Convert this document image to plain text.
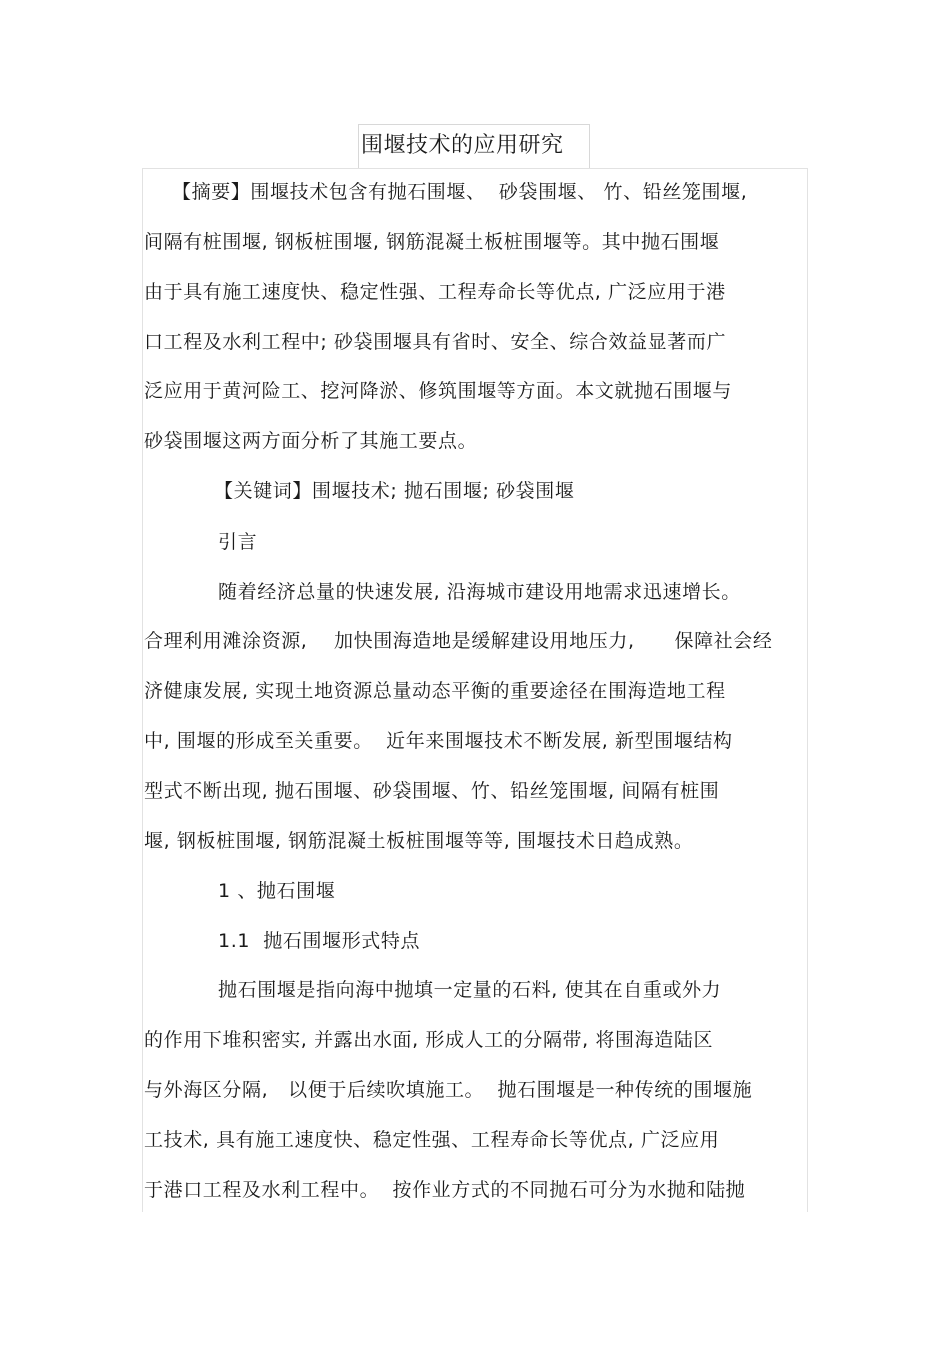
围堰技术的应用研究
【摘要】围堰技术包含有抛石围堰、  砂袋围堰、 竹、铅丝笼围堰,
间隔有桩围堰, 钢板桩围堰, 钢筋混凝土板桩围堰等。其中抛石围堰
由于具有施工速度快、稳定性强、工程寿命长等优点, 广泛应用于港
口工程及水利工程中; 砂袋围堰具有省时、安全、综合效益显著而广
泛应用于黄河险工、挖河降淤、修筑围堰等方面。本文就抛石围堰与
砂袋围堰这两方面分析了其施工要点。
【关键词】围堰技术; 抛石围堰; 砂袋围堰
引言
随着经济总量的快速发展, 沿海城市建设用地需求迅速增长。
合理利用滩涂资源,    加快围海造地是缓解建设用地压力,      保障社会经
济健康发展, 实现土地资源总量动态平衡的重要途径在围海造地工程
中, 围堰的形成至关重要。  近年来围堰技术不断发展, 新型围堰结构
型式不断出现, 抛石围堰、砂袋围堰、竹、铅丝笼围堰, 间隔有桩围
堰, 钢板桩围堰, 钢筋混凝土板桩围堰等等, 围堰技术日趋成熟。
1 、抛石围堰
1.1  抛石围堰形式特点
抛石围堰是指向海中抛填一定量的石料, 使其在自重或外力
的作用下堆积密实, 并露出水面, 形成人工的分隔带, 将围海造陆区
与外海区分隔,   以便于后续吹填施工。  抛石围堰是一种传统的围堰施
工技术, 具有施工速度快、稳定性强、工程寿命长等优点, 广泛应用
于港口工程及水利工程中。  按作业方式的不同抛石可分为水抛和陆抛
